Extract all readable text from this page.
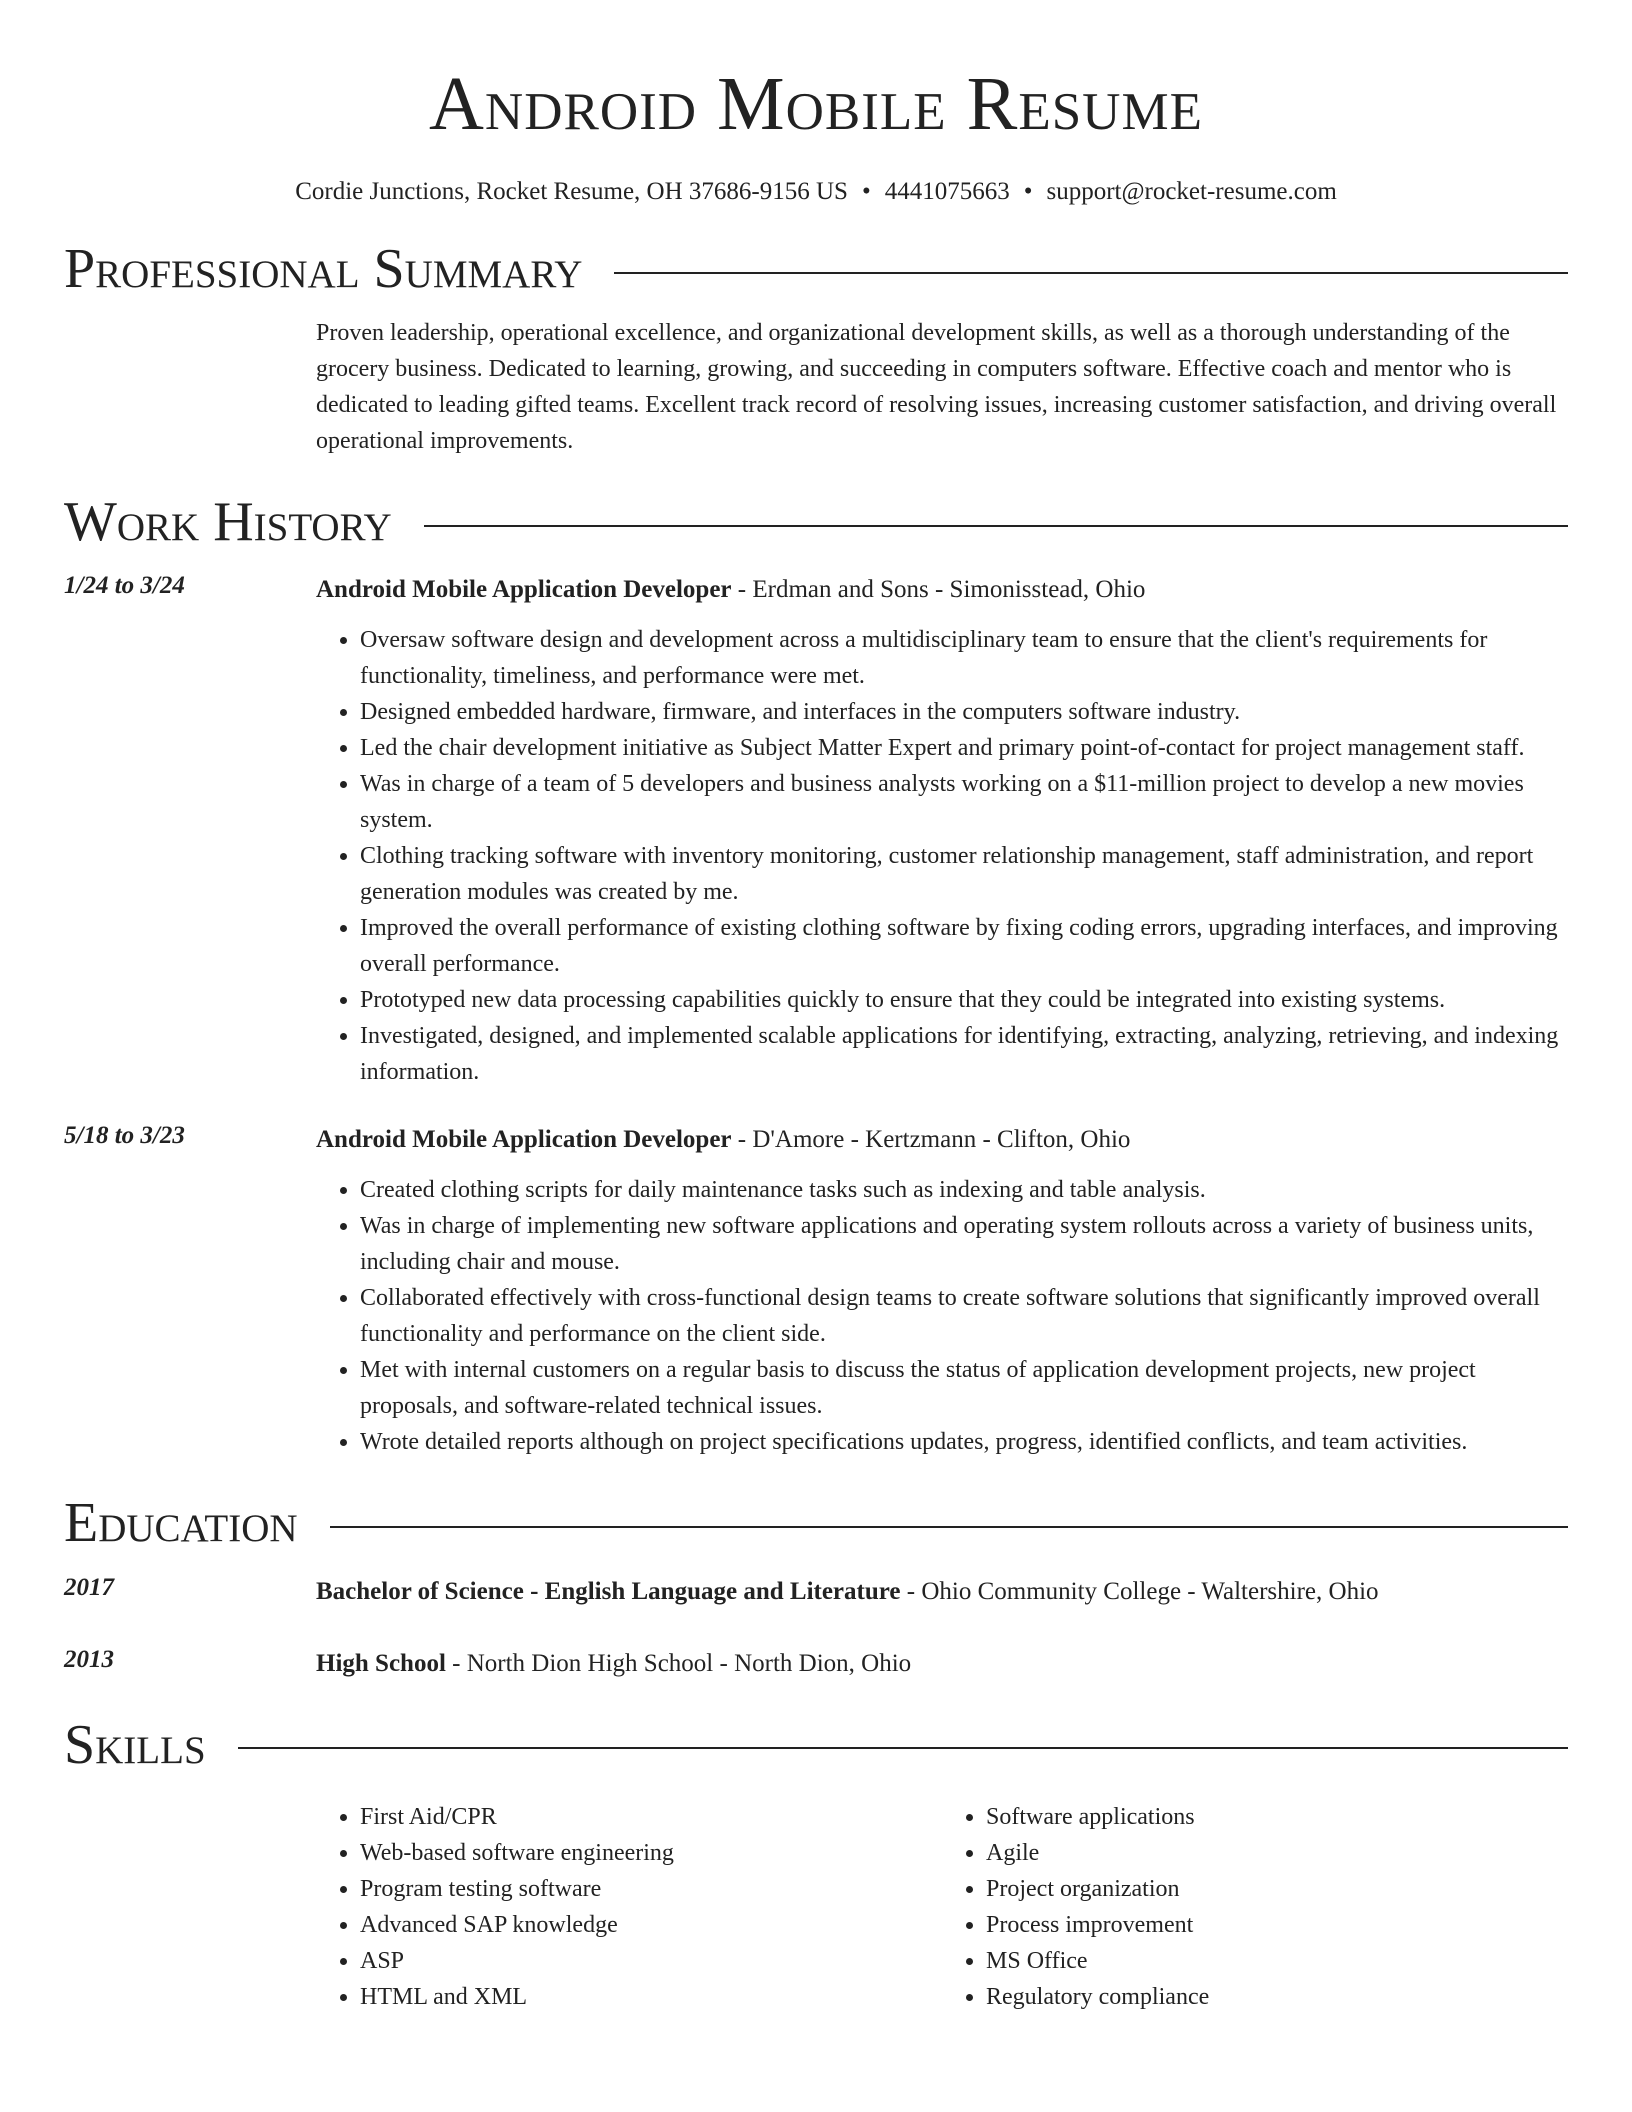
Android Mobile Resume
Cordie Junctions, Rocket Resume, OH 37686-9156 US • 4441075663 • support@rocket-resume.com
Professional Summary
Proven leadership, operational excellence, and organizational development skills, as well as a thorough understanding of the grocery business. Dedicated to learning, growing, and succeeding in computers software. Effective coach and mentor who is dedicated to leading gifted teams. Excellent track record of resolving issues, increasing customer satisfaction, and driving overall operational improvements.
Work History
1/24 to 3/24	Android Mobile Application Developer - Erdman and Sons - Simonisstead, Ohio
• Oversaw software design and development across a multidisciplinary team to ensure that the client's requirements for functionality, timeliness, and performance were met.
• Designed embedded hardware, firmware, and interfaces in the computers software industry.
• Led the chair development initiative as Subject Matter Expert and primary point-of-contact for project management staff.
• Was in charge of a team of 5 developers and business analysts working on a $11-million project to develop a new movies system.
• Clothing tracking software with inventory monitoring, customer relationship management, staff administration, and report generation modules was created by me.
• Improved the overall performance of existing clothing software by fixing coding errors, upgrading interfaces, and improving overall performance.
• Prototyped new data processing capabilities quickly to ensure that they could be integrated into existing systems.
• Investigated, designed, and implemented scalable applications for identifying, extracting, analyzing, retrieving, and indexing information.
5/18 to 3/23	Android Mobile Application Developer - D'Amore - Kertzmann - Clifton, Ohio
• Created clothing scripts for daily maintenance tasks such as indexing and table analysis.
• Was in charge of implementing new software applications and operating system rollouts across a variety of business units, including chair and mouse.
• Collaborated effectively with cross-functional design teams to create software solutions that significantly improved overall functionality and performance on the client side.
• Met with internal customers on a regular basis to discuss the status of application development projects, new project proposals, and software-related technical issues.
• Wrote detailed reports although on project specifications updates, progress, identified conflicts, and team activities.
Education
2017	Bachelor of Science - English Language and Literature - Ohio Community College - Waltershire, Ohio
2013	High School - North Dion High School - North Dion, Ohio
Skills
• First Aid/CPR
• Web-based software engineering
• Program testing software
• Advanced SAP knowledge
• ASP
• HTML and XML
• Software applications
• Agile
• Project organization
• Process improvement
• MS Office
• Regulatory compliance
